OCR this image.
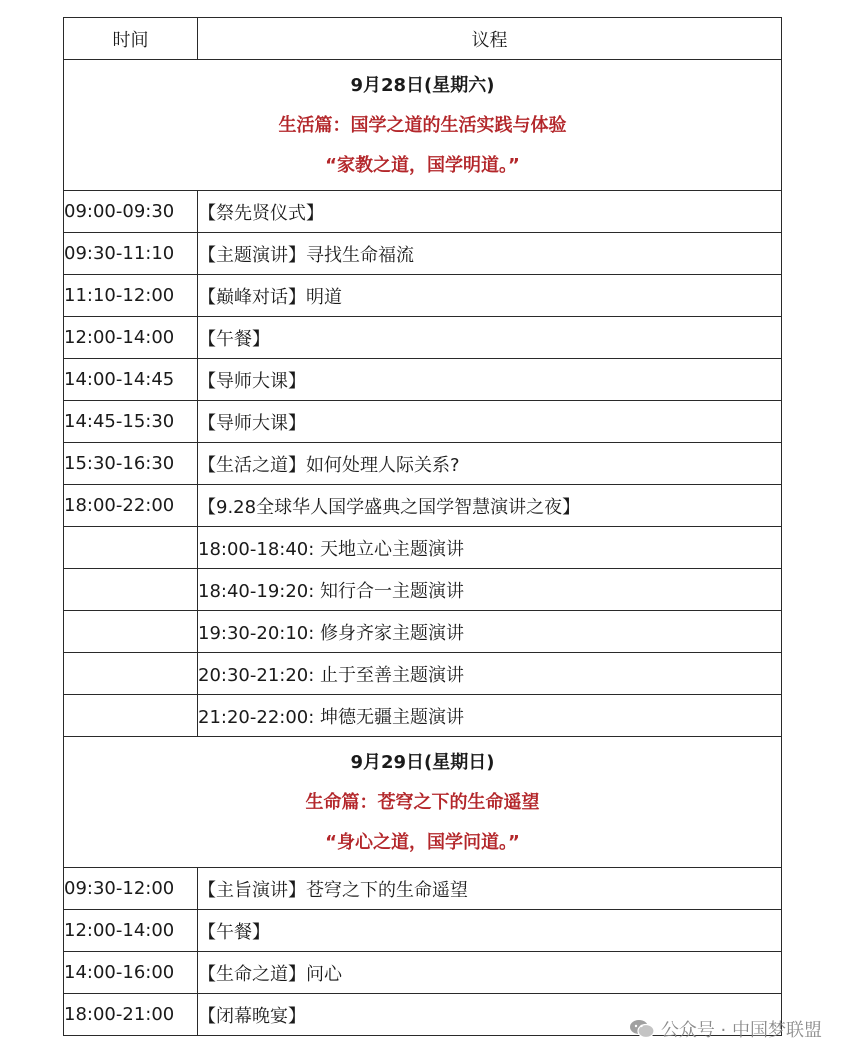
时间	议程

9月28日(星期六)
生活篇：国学之道的生活实践与体验
“家教之道，国学明道。”	

09:00-09:30	【祭先贤仪式】
09:30-11:10	【主题演讲】寻找生命福流
11:10-12:00	【巅峰对话】明道
12:00-14:00	【午餐】
14:00-14:45	【导师大课】
14:45-15:30	【导师大课】
15:30-16:30	【生活之道】如何处理人际关系?
18:00-22:00	【9.28全球华人国学盛典之国学智慧演讲之夜】
	18:00-18:40: 天地立心主题演讲
	18:40-19:20: 知行合一主题演讲
	19:30-20:10: 修身齐家主题演讲
	20:30-21:20: 止于至善主题演讲
	21:20-22:00: 坤德无疆主题演讲

9月29日(星期日)
生命篇：苍穹之下的生命遥望
“身心之道，国学问道。”	

09:30-12:00	【主旨演讲】苍穹之下的生命遥望
12:00-14:00	【午餐】
14:00-16:00	【生命之道】问心
18:00-21:00	【闭幕晚宴】
公众号 · 中国梦联盟
